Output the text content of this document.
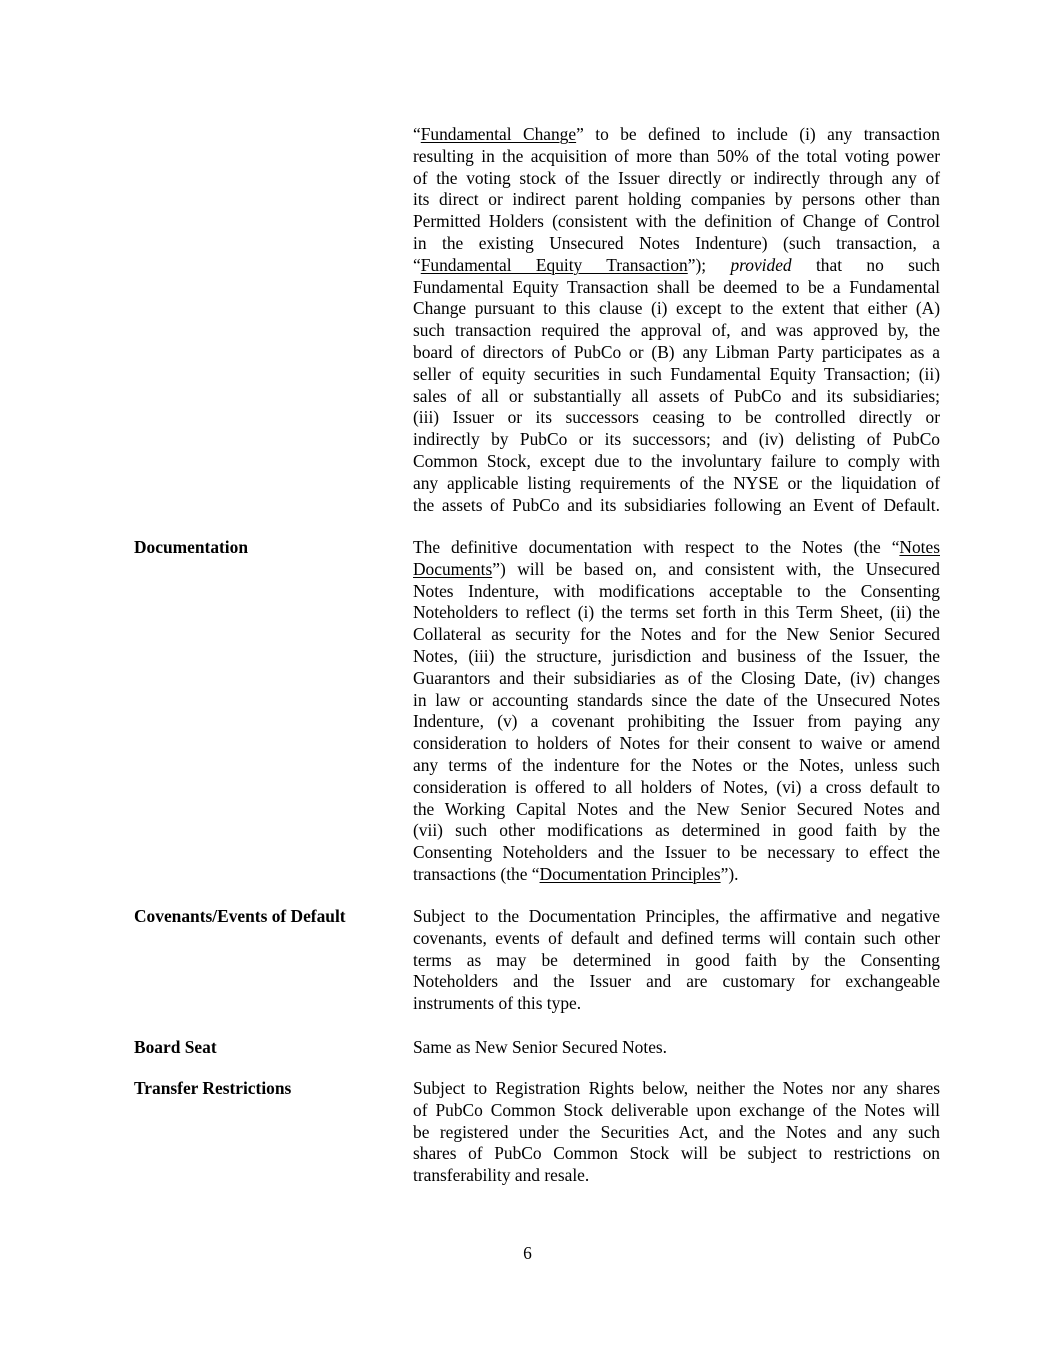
“Fundamental Change” to be defined to include (i) any transaction
resulting in the acquisition of more than 50% of the total voting power
of the voting stock of the Issuer directly or indirectly through any of
its direct or indirect parent holding companies by persons other than
Permitted Holders (consistent with the definition of Change of Control
in the existing Unsecured Notes Indenture) (such transaction, a
“Fundamental Equity Transaction”); provided that no such
Fundamental Equity Transaction shall be deemed to be a Fundamental
Change pursuant to this clause (i) except to the extent that either (A)
such transaction required the approval of, and was approved by, the
board of directors of PubCo or (B) any Libman Party participates as a
seller of equity securities in such Fundamental Equity Transaction; (ii)
sales of all or substantially all assets of PubCo and its subsidiaries;
(iii) Issuer or its successors ceasing to be controlled directly or
indirectly by PubCo or its successors; and (iv) delisting of PubCo
Common Stock, except due to the involuntary failure to comply with
any applicable listing requirements of the NYSE or the liquidation of
the assets of PubCo and its subsidiaries following an Event of Default.
Documentation	The definitive documentation with respect to the Notes (the “Notes
Documents”) will be based on, and consistent with, the Unsecured
Notes Indenture, with modifications acceptable to the Consenting
Noteholders to reflect (i) the terms set forth in this Term Sheet, (ii) the
Collateral as security for the Notes and for the New Senior Secured
Notes, (iii) the structure, jurisdiction and business of the Issuer, the
Guarantors and their subsidiaries as of the Closing Date, (iv) changes
in law or accounting standards since the date of the Unsecured Notes
Indenture, (v) a covenant prohibiting the Issuer from paying any
consideration to holders of Notes for their consent to waive or amend
any terms of the indenture for the Notes or the Notes, unless such
consideration is offered to all holders of Notes, (vi) a cross default to
the Working Capital Notes and the New Senior Secured Notes and
(vii) such other modifications as determined in good faith by the
Consenting Noteholders and the Issuer to be necessary to effect the
transactions (the “Documentation Principles”).
Covenants/Events of Default	Subject to the Documentation Principles, the affirmative and negative
covenants, events of default and defined terms will contain such other
terms as may be determined in good faith by the Consenting
Noteholders and the Issuer and are customary for exchangeable
instruments of this type.
Board Seat	Same as New Senior Secured Notes.
Transfer Restrictions	Subject to Registration Rights below, neither the Notes nor any shares
of PubCo Common Stock deliverable upon exchange of the Notes will
be registered under the Securities Act, and the Notes and any such
shares of PubCo Common Stock will be subject to restrictions on
transferability and resale.
6
